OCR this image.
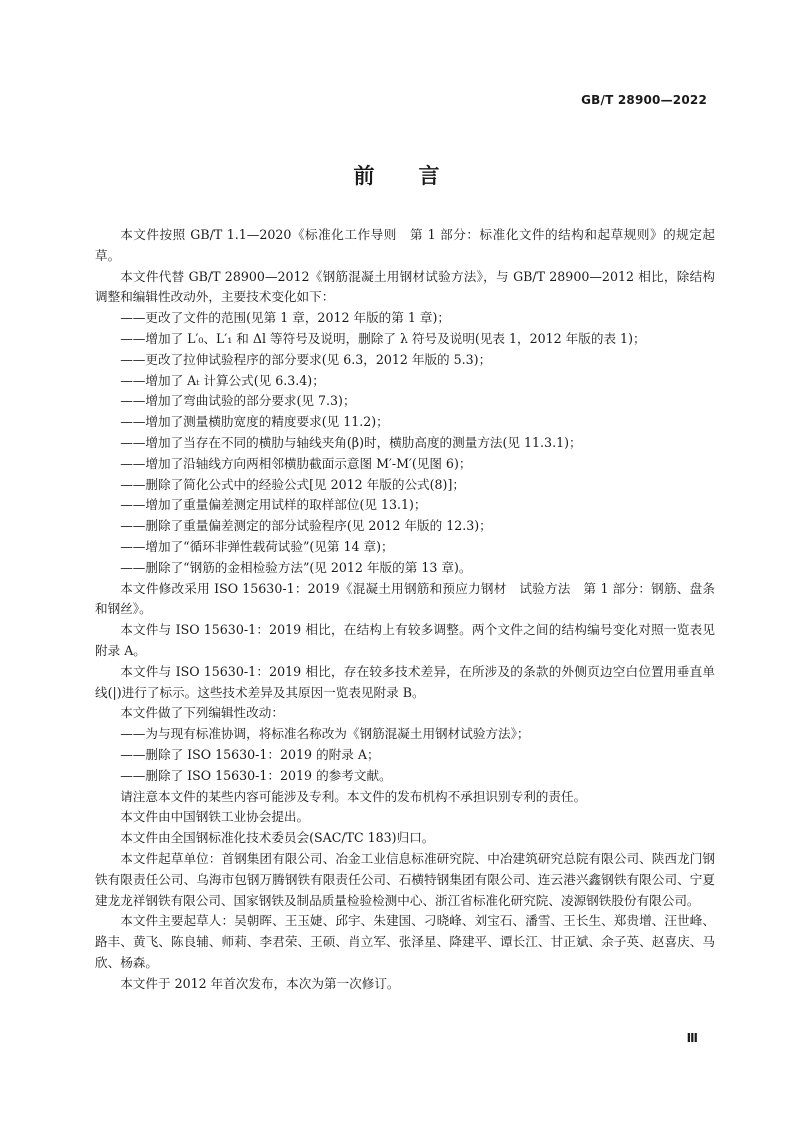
GB/T 28900—2022
前言

本文件按照 GB/T 1.1—2020《标准化工作导则　第 1 部分：标准化文件的结构和起草规则》的规定起草。

本文件代替 GB/T 28900—2012《钢筋混凝土用钢材试验方法》，与 GB/T 28900—2012 相比，除结构调整和编辑性改动外，主要技术变化如下：

——更改了文件的范围(见第 1 章，2012 年版的第 1 章)；

——增加了 L′₀、L′₁ 和 Δl 等符号及说明，删除了 λ 符号及说明(见表 1，2012 年版的表 1)；

——更改了拉伸试验程序的部分要求(见 6.3，2012 年版的 5.3)；

——增加了 Aₜ 计算公式(见 6.3.4)；

——增加了弯曲试验的部分要求(见 7.3)；

——增加了测量横肋宽度的精度要求(见 11.2)；

——增加了当存在不同的横肋与轴线夹角(β)时，横肋高度的测量方法(见 11.3.1)；

——增加了沿轴线方向两相邻横肋截面示意图 M′-M′(见图 6)；

——删除了简化公式中的经验公式[见 2012 年版的公式(8)]；

——增加了重量偏差测定用试样的取样部位(见 13.1)；

——删除了重量偏差测定的部分试验程序(见 2012 年版的 12.3)；

——增加了“循环非弹性载荷试验”(见第 14 章)；

——删除了“钢筋的金相检验方法”(见 2012 年版的第 13 章)。

本文件修改采用 ISO 15630-1：2019《混凝土用钢筋和预应力钢材　试验方法　第 1 部分：钢筋、盘条和钢丝》。

本文件与 ISO 15630-1：2019 相比，在结构上有较多调整。两个文件之间的结构编号变化对照一览表见附录 A。

本文件与 ISO 15630-1：2019 相比，存在较多技术差异，在所涉及的条款的外侧页边空白位置用垂直单线(|)进行了标示。这些技术差异及其原因一览表见附录 B。

本文件做了下列编辑性改动：

——为与现有标准协调，将标准名称改为《钢筋混凝土用钢材试验方法》；

——删除了 ISO 15630-1：2019 的附录 A；

——删除了 ISO 15630-1：2019 的参考文献。

请注意本文件的某些内容可能涉及专利。本文件的发布机构不承担识别专利的责任。

本文件由中国钢铁工业协会提出。

本文件由全国钢标准化技术委员会(SAC/TC 183)归口。

本文件起草单位：首钢集团有限公司、冶金工业信息标准研究院、中冶建筑研究总院有限公司、陕西龙门钢铁有限责任公司、乌海市包钢万腾钢铁有限责任公司、石横特钢集团有限公司、连云港兴鑫钢铁有限公司、宁夏建龙龙祥钢铁有限公司、国家钢铁及制品质量检验检测中心、浙江省标准化研究院、凌源钢铁股份有限公司。

本文件主要起草人：吴朝晖、王玉婕、邱宇、朱建国、刁晓峰、刘宝石、潘雪、王长生、郑贵增、汪世峰、路丰、黄飞、陈良辅、师莉、李君荣、王硕、肖立军、张泽星、降建平、谭长江、甘正斌、余子英、赵喜庆、马欣、杨森。

本文件于 2012 年首次发布，本次为第一次修订。

Ⅲ
